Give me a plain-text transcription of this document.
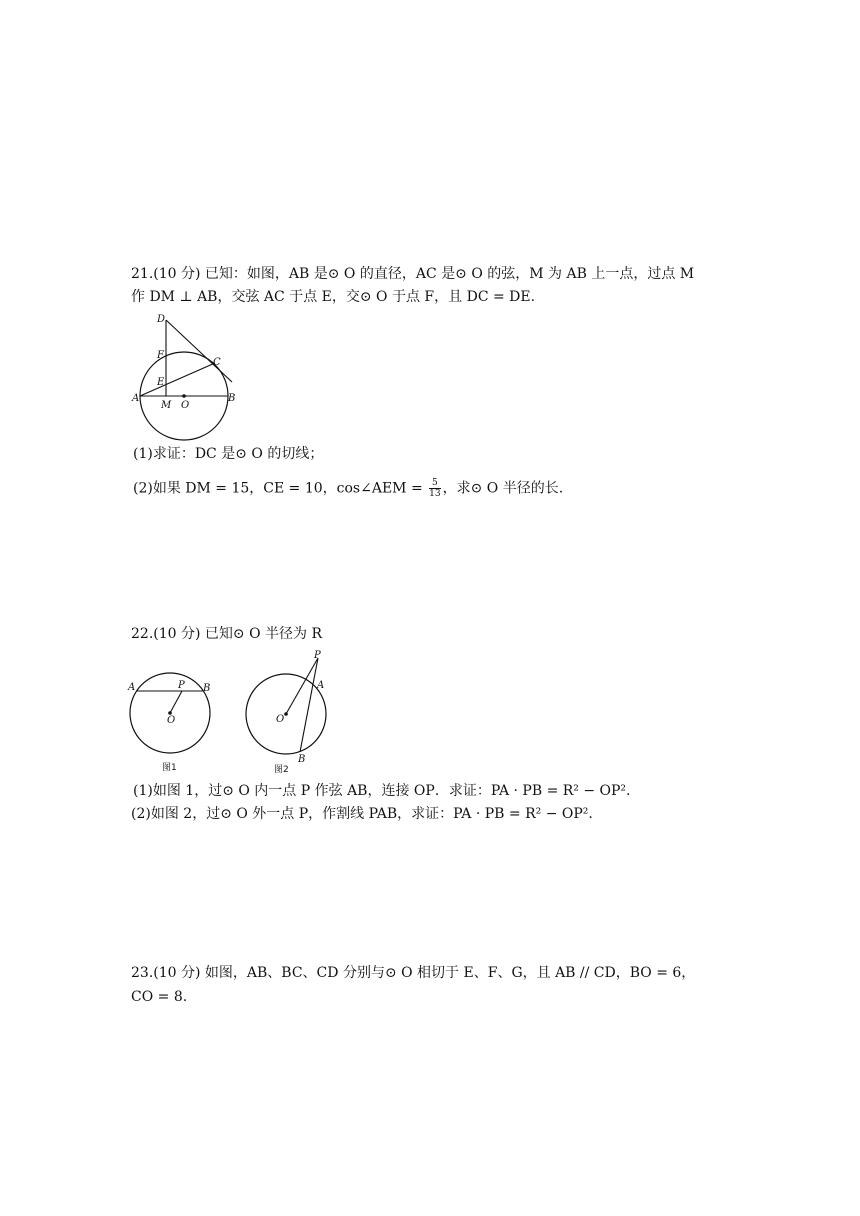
21.(10 分) 已知：如图，AB 是⊙ O 的直径，AC 是⊙ O 的弦，M 为 AB 上一点，过点 M
作 DM ⊥ AB，交弦 AC 于点 E，交⊙ O 于点 F，且 DC = DE.
D
F
E
C
A
M O
B
(1)求证：DC 是⊙ O 的切线；
(2)如果 DM = 15，CE = 10，cos∠AEM = $\frac{5}{13}$ ，求⊙ O 半径的长.
22.(10 分) 已知⊙ O 半径为 R
A	P B
O
图1
P
A
O
B
图2
(1)如图 1，过⊙ O 内一点 P 作弦 AB，连接 OP．求证：PA · PB = R² − OP².
(2)如图 2，过⊙ O 外一点 P，作割线 PAB，求证：PA · PB = R² − OP².
23.(10 分) 如图，AB、BC、CD 分别与⊙ O 相切于 E、F、G，且 AB // CD，BO = 6，
CO = 8.
